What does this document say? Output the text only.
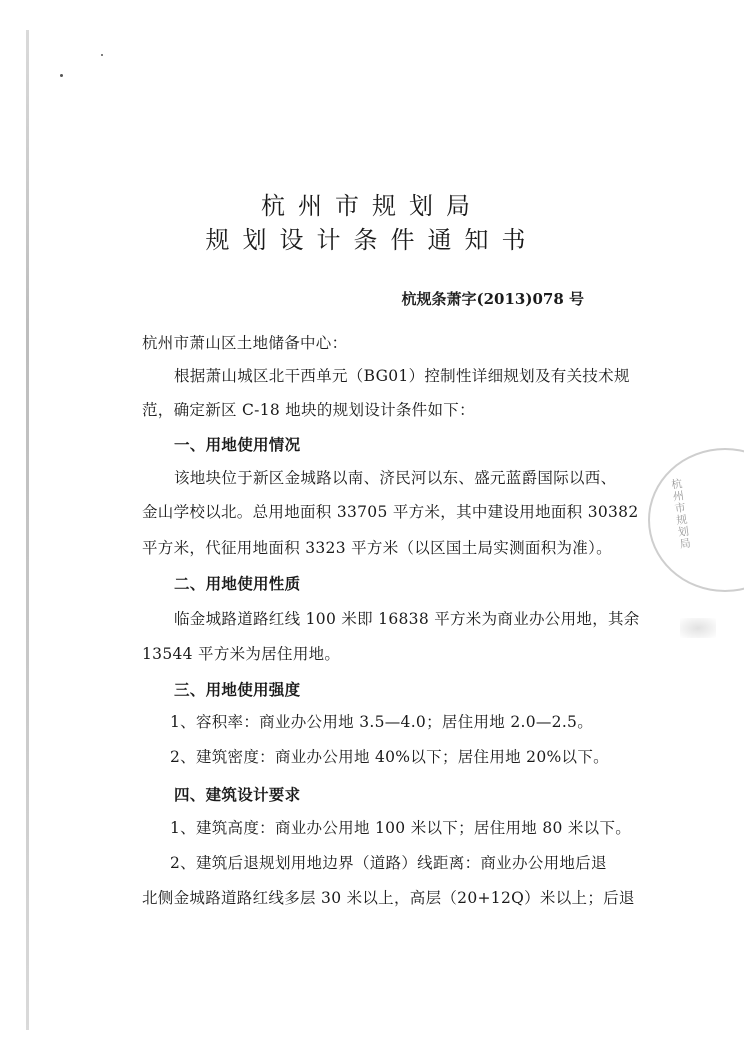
杭州市规划局
规划设计条件通知书
杭规条萧字(2013)078 号
杭州市萧山区土地储备中心：
根据萧山城区北干西单元（BG01）控制性详细规划及有关技术规
范，确定新区 C-18 地块的规划设计条件如下：
一、用地使用情况
该地块位于新区金城路以南、济民河以东、盛元蓝爵国际以西、
金山学校以北。总用地面积 33705 平方米，其中建设用地面积 30382
平方米，代征用地面积 3323 平方米（以区国土局实测面积为准）。
二、用地使用性质
临金城路道路红线 100 米即 16838 平方米为商业办公用地，其余
13544 平方米为居住用地。
三、用地使用强度
1、容积率：商业办公用地 3.5—4.0；居住用地 2.0—2.5。
2、建筑密度：商业办公用地 40%以下；居住用地 20%以下。
四、建筑设计要求
1、建筑高度：商业办公用地 100 米以下；居住用地 80 米以下。
2、建筑后退规划用地边界（道路）线距离：商业办公用地后退
北侧金城路道路红线多层 30 米以上，高层（20+12Q）米以上；后退
杭州市规划局
